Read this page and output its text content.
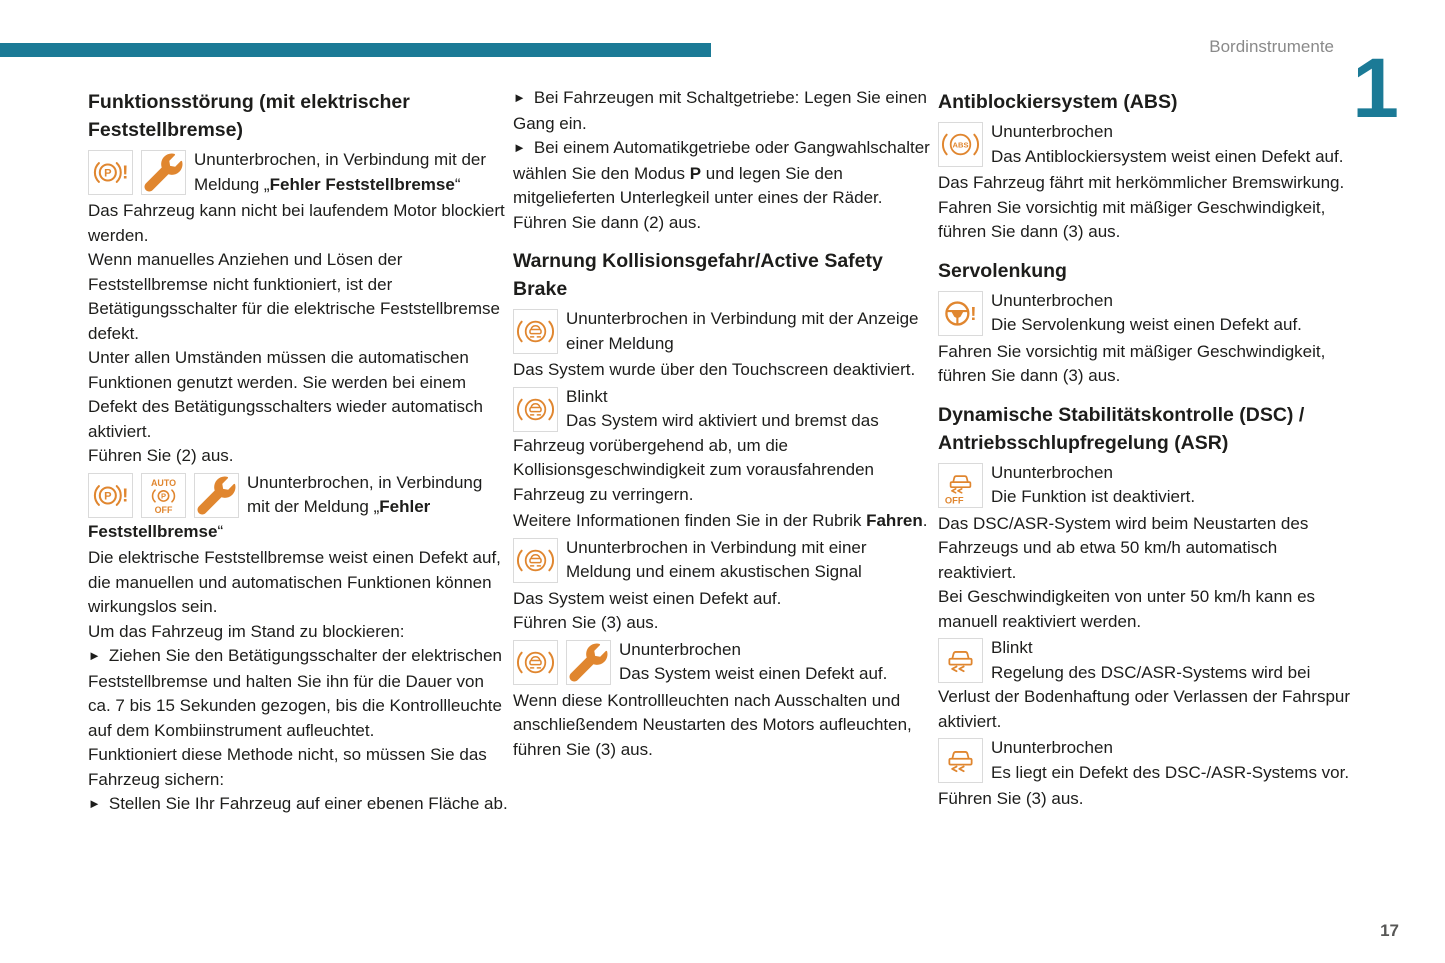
Bordinstrumente 1
Funktionsstörung (mit elektrischer Feststellbremse)
P !
Ununterbrochen, in Verbindung mit der Meldung „Fehler Feststellbremse“
Das Fahrzeug kann nicht bei laufendem Motor blockiert werden.
Wenn manuelles Anziehen und Lösen der Feststellbremse nicht funktioniert, ist der Betätigungsschalter für die elektrische Feststellbremse defekt.
Unter allen Umständen müssen die automatischen Funktionen genutzt werden. Sie werden bei einem Defekt des Betätigungsschalters wieder automatisch aktiviert.
Führen Sie (2) aus.
P !
AUTO
P
OFF
Ununterbrochen, in Verbindung mit der Meldung „Fehler Feststellbremse“
Die elektrische Feststellbremse weist einen Defekt auf, die manuellen und automatischen Funktionen können wirkungslos sein.
Um das Fahrzeug im Stand zu blockieren:
► Ziehen Sie den Betätigungsschalter der elektrischen Feststellbremse und halten Sie ihn für die Dauer von ca. 7 bis 15 Sekunden gezogen, bis die Kontrollleuchte auf dem Kombiinstrument aufleuchtet.
Funktioniert diese Methode nicht, so müssen Sie das Fahrzeug sichern:
► Stellen Sie Ihr Fahrzeug auf einer ebenen Fläche ab.
► Bei Fahrzeugen mit Schaltgetriebe: Legen Sie einen Gang ein.
► Bei einem Automatikgetriebe oder Gangwahlschalter wählen Sie den Modus P und legen Sie den mitgelieferten Unterlegkeil unter eines der Räder.
Führen Sie dann (2) aus.
Warnung Kollisionsgefahr/Active Safety Brake
Ununterbrochen in Verbindung mit der Anzeige einer Meldung
Das System wurde über den Touchscreen deaktiviert.
Blinkt
Das System wird aktiviert und bremst das Fahrzeug vorübergehend ab, um die Kollisionsgeschwindigkeit zum vorausfahrenden Fahrzeug zu verringern.
Weitere Informationen finden Sie in der Rubrik Fahren.
Ununterbrochen in Verbindung mit einer Meldung und einem akustischen Signal
Das System weist einen Defekt auf.
Führen Sie (3) aus.
Ununterbrochen
Das System weist einen Defekt auf.
Wenn diese Kontrollleuchten nach Ausschalten und anschließendem Neustarten des Motors aufleuchten, führen Sie (3) aus.
Antiblockiersystem (ABS)
ABS
Ununterbrochen
Das Antiblockiersystem weist einen Defekt auf.
Das Fahrzeug fährt mit herkömmlicher Bremswirkung.
Fahren Sie vorsichtig mit mäßiger Geschwindigkeit, führen Sie dann (3) aus.
Servolenkung
!
Ununterbrochen
Die Servolenkung weist einen Defekt auf.
Fahren Sie vorsichtig mit mäßiger Geschwindigkeit, führen Sie dann (3) aus.
Dynamische Stabilitätskontrolle (DSC) / Antriebsschlupfregelung (ASR)
OFF
Ununterbrochen
Die Funktion ist deaktiviert.
Das DSC/ASR-System wird beim Neustarten des Fahrzeugs und ab etwa 50 km/h automatisch reaktiviert.
Bei Geschwindigkeiten von unter 50 km/h kann es manuell reaktiviert werden.
Blinkt
Regelung des DSC/ASR-Systems wird bei Verlust der Bodenhaftung oder Verlassen der Fahrspur aktiviert.
Ununterbrochen
Es liegt ein Defekt des DSC-/ASR-Systems vor.
Führen Sie (3) aus.
17
